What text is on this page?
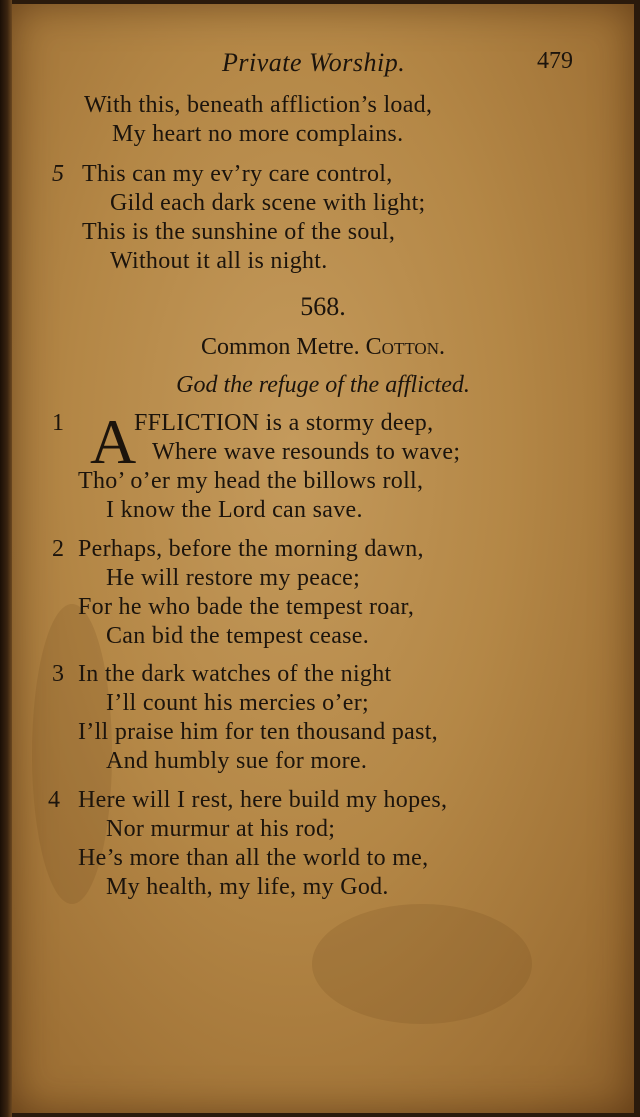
Private Worship.	479
With this, beneath affliction’s load,
My heart no more complains.
5 This can my ev’ry care control,
Gild each dark scene with light;
This is the sunshine of the soul,
Without it all is night.
568.
Common Metre. Cotton.
God the refuge of the afflicted.
1 A
FFLICTION is a stormy deep,
Where wave resounds to wave;
Tho’ o’er my head the billows roll,
I know the Lord can save.
2 Perhaps, before the morning dawn,
He will restore my peace;
For he who bade the tempest roar,
Can bid the tempest cease.
3 In the dark watches of the night
I’ll count his mercies o’er;
I’ll praise him for ten thousand past,
And humbly sue for more.
4 Here will I rest, here build my hopes,
Nor murmur at his rod;
He’s more than all the world to me,
My health, my life, my God.
